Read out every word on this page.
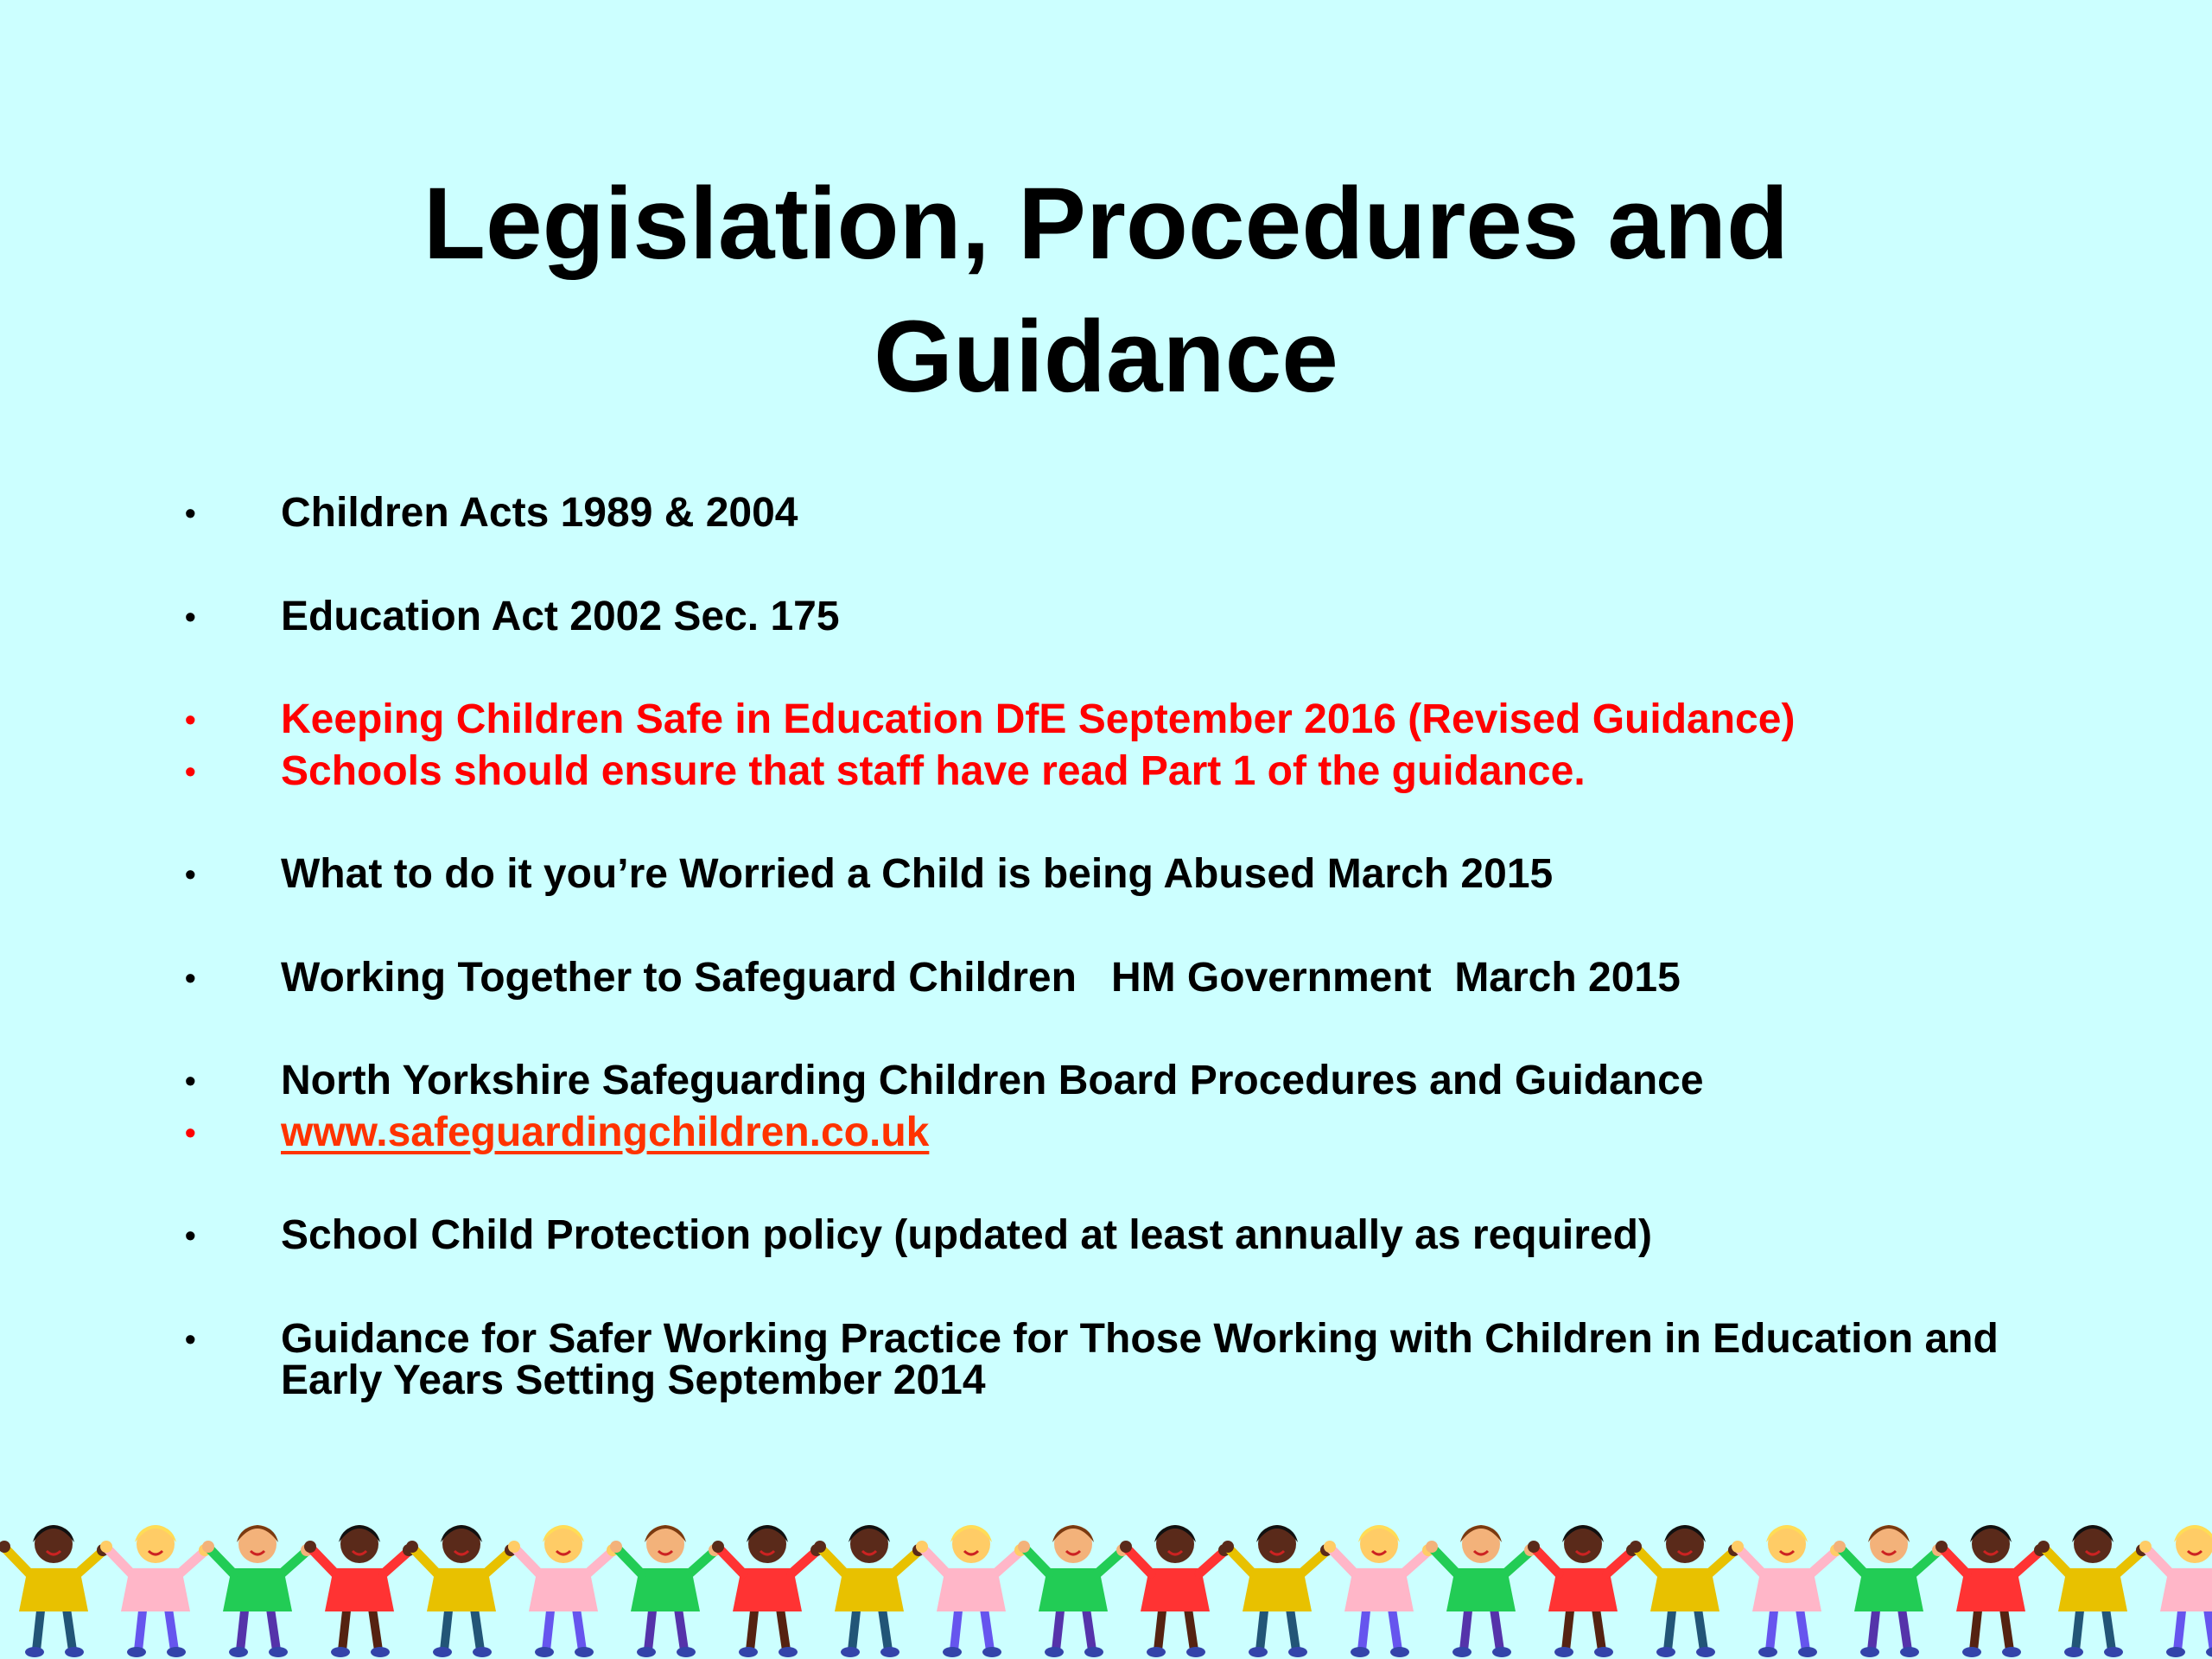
Legislation, Procedures and
Guidance
• Children Acts 1989 & 2004
• Education Act 2002 Sec. 175
• Keeping Children Safe in Education DfE September 2016 (Revised Guidance)
• Schools should ensure that staff have read Part 1 of the guidance.
• What to do it you’re Worried a Child is being Abused March 2015
• Working Together to Safeguard Children   HM Government  March 2015
• North Yorkshire Safeguarding Children Board Procedures and Guidance
• www.safeguardingchildren.co.uk
• School Child Protection policy (updated at least annually as required)
• Guidance for Safer Working Practice for Those Working with Children in Education and Early Years Setting September 2014
